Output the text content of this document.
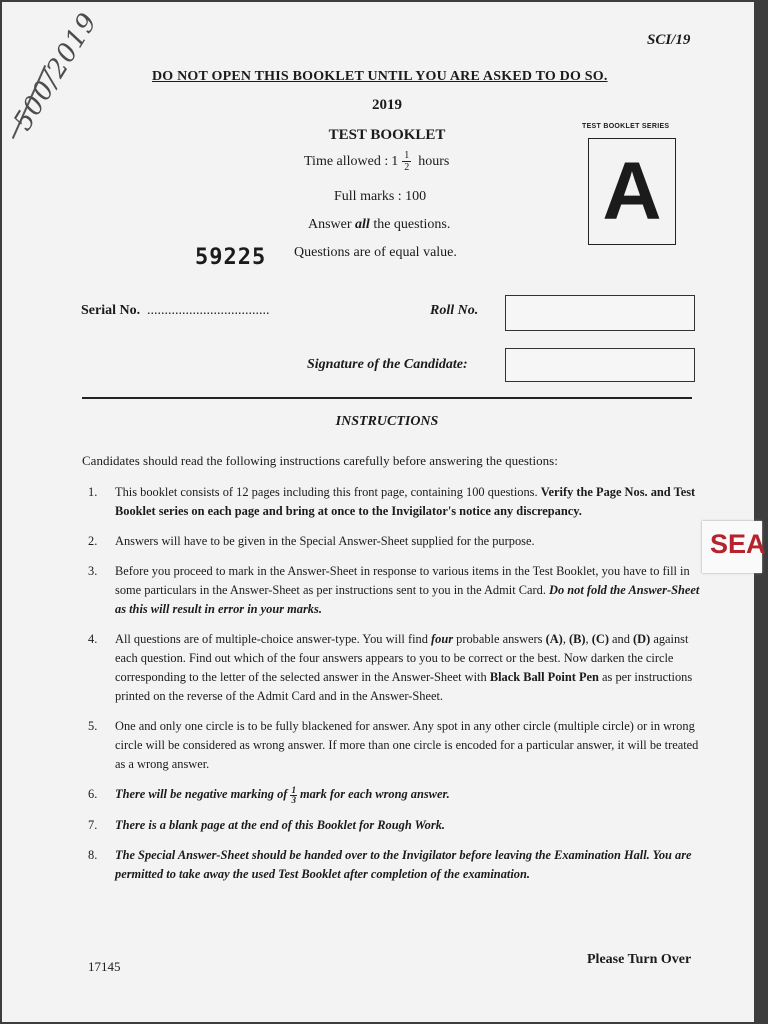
SCI/19
500/2019	DO NOT OPEN THIS BOOKLET UNTIL YOU ARE ASKED TO DO SO.
2019
TEST BOOKLET
Time allowed : $1 \frac{1}{2}$ hours
Full marks : 100
Answer all the questions.
Questions are of equal value.
59225
TEST BOOKLET SERIES
A
Serial No. ...................................	Roll No.
Signature of the Candidate:
INSTRUCTIONS
Candidates should read the following instructions carefully before answering the questions:
1.	This booklet consists of 12 pages including this front page, containing 100 questions. Verify the Page Nos. and Test Booklet series on each page and bring at once to the Invigilator's notice any discrepancy.
2.	Answers will have to be given in the Special Answer-Sheet supplied for the purpose.
3.	Before you proceed to mark in the Answer-Sheet in response to various items in the Test Booklet, you have to fill in some particulars in the Answer-Sheet as per instructions sent to you in the Admit Card. Do not fold the Answer-Sheet as this will result in error in your marks.
4.	All questions are of multiple-choice answer-type. You will find four probable answers (A), (B), (C) and (D) against each question. Find out which of the four answers appears to you to be correct or the best. Now darken the circle corresponding to the letter of the selected answer in the Answer-Sheet with Black Ball Point Pen as per instructions printed on the reverse of the Admit Card and in the Answer-Sheet.
5.	One and only one circle is to be fully blackened for answer. Any spot in any other circle (multiple circle) or in wrong circle will be considered as wrong answer. If more than one circle is encoded for a particular answer, it will be treated as a wrong answer.
6.	There will be negative marking of $\frac{1}{3}$ mark for each wrong answer.
7.	There is a blank page at the end of this Booklet for Rough Work.
8.	The Special Answer-Sheet should be handed over to the Invigilator before leaving the Examination Hall. You are permitted to take away the used Test Booklet after completion of the examination.
17145	Please Turn Over
SEA
